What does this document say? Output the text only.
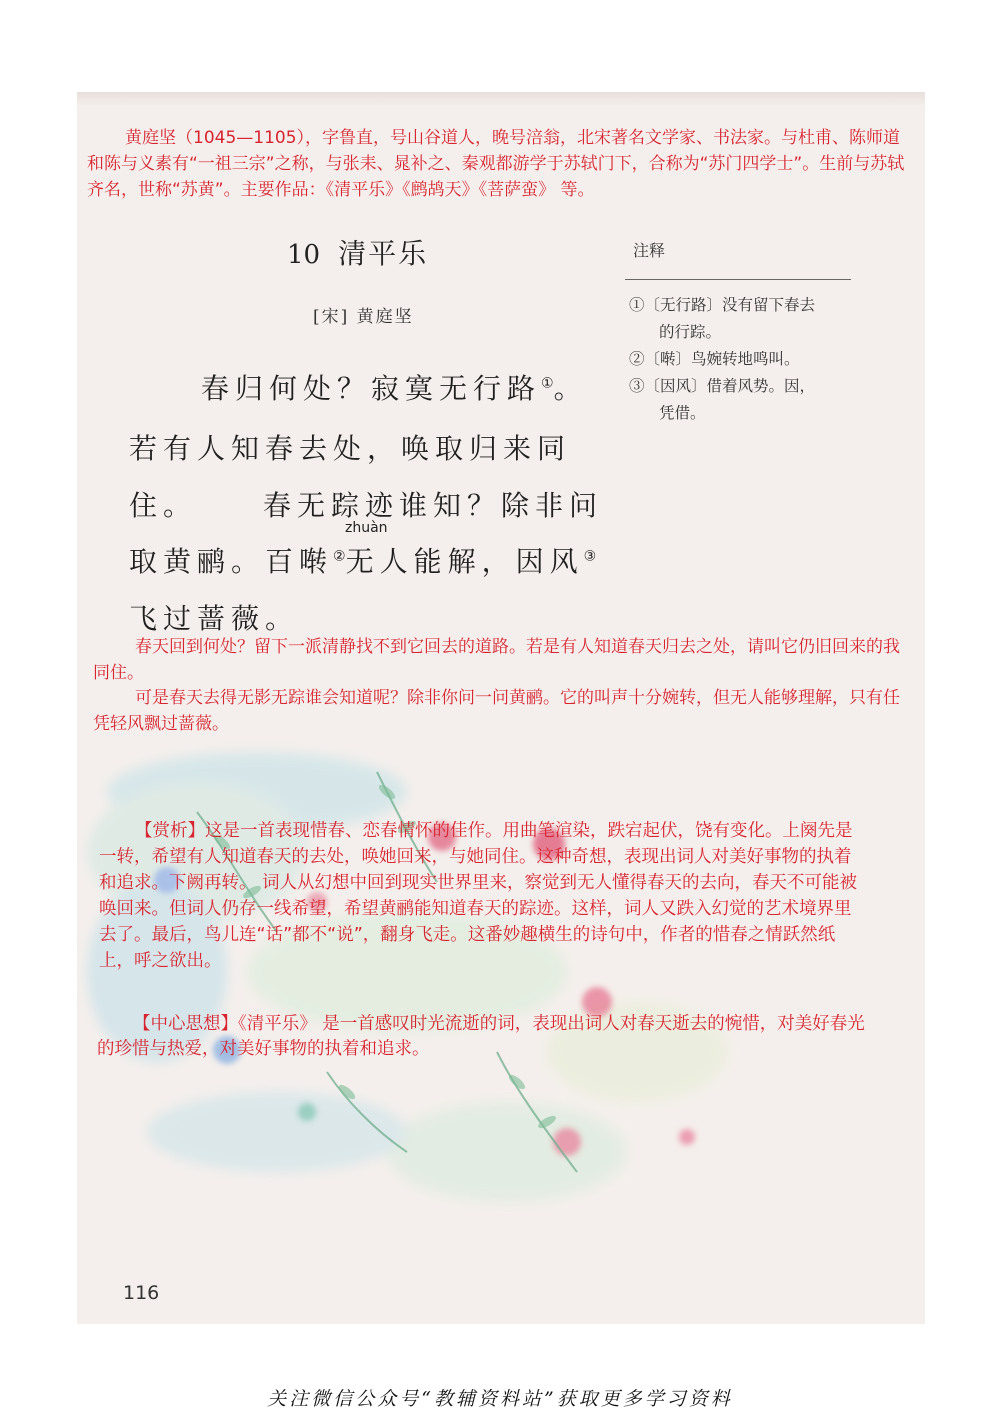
黄庭坚（1045—1105），字鲁直，号山谷道人，晚号涪翁，北宋著名文学家、书法家。与杜甫、陈师道和陈与义素有“一祖三宗”之称，与张耒、晁补之、秦观都游学于苏轼门下，合称为“苏门四学士”。生前与苏轼齐名，世称“苏黄”。主要作品：《清平乐》《鹧鸪天》《菩萨蛮》 等。
10 清平乐
[宋] 黄庭坚
春归何处？寂寞无行路①。
若有人知春去处，唤取归来同
住。 春无踪迹谁知？除非问
zhuàn
取黄鹂。百啭②无人能解，因风③
飞过蔷薇。
注释
①〔无行路〕没有留下春去
的行踪。
②〔啭〕鸟婉转地鸣叫。
③〔因风〕借着风势。因，
凭借。
春天回到何处？留下一派清静找不到它回去的道路。若是有人知道春天归去之处，请叫它仍旧回来的我同住。
可是春天去得无影无踪谁会知道呢？除非你问一问黄鹂。它的叫声十分婉转，但无人能够理解，只有任凭轻风飘过蔷薇。
【赏析】这是一首表现惜春、恋春情怀的佳作。用曲笔渲染，跌宕起伏，饶有变化。上阕先是一转，希望有人知道春天的去处，唤她回来，与她同住。这种奇想，表现出词人对美好事物的执着和追求。下阙再转。 词人从幻想中回到现实世界里来，察觉到无人懂得春天的去向，春天不可能被唤回来。但词人仍存一线希望，希望黄鹂能知道春天的踪迹。这样，词人又跌入幻觉的艺术境界里去了。最后，鸟儿连“话”都不“说”，翻身飞走。这番妙趣横生的诗句中，作者的惜春之情跃然纸上，呼之欲出。
【中心思想】《清平乐》 是一首感叹时光流逝的词，表现出词人对春天逝去的惋惜，对美好春光的珍惜与热爱，对美好事物的执着和追求。
116
关注微信公众号“教辅资料站”获取更多学习资料
